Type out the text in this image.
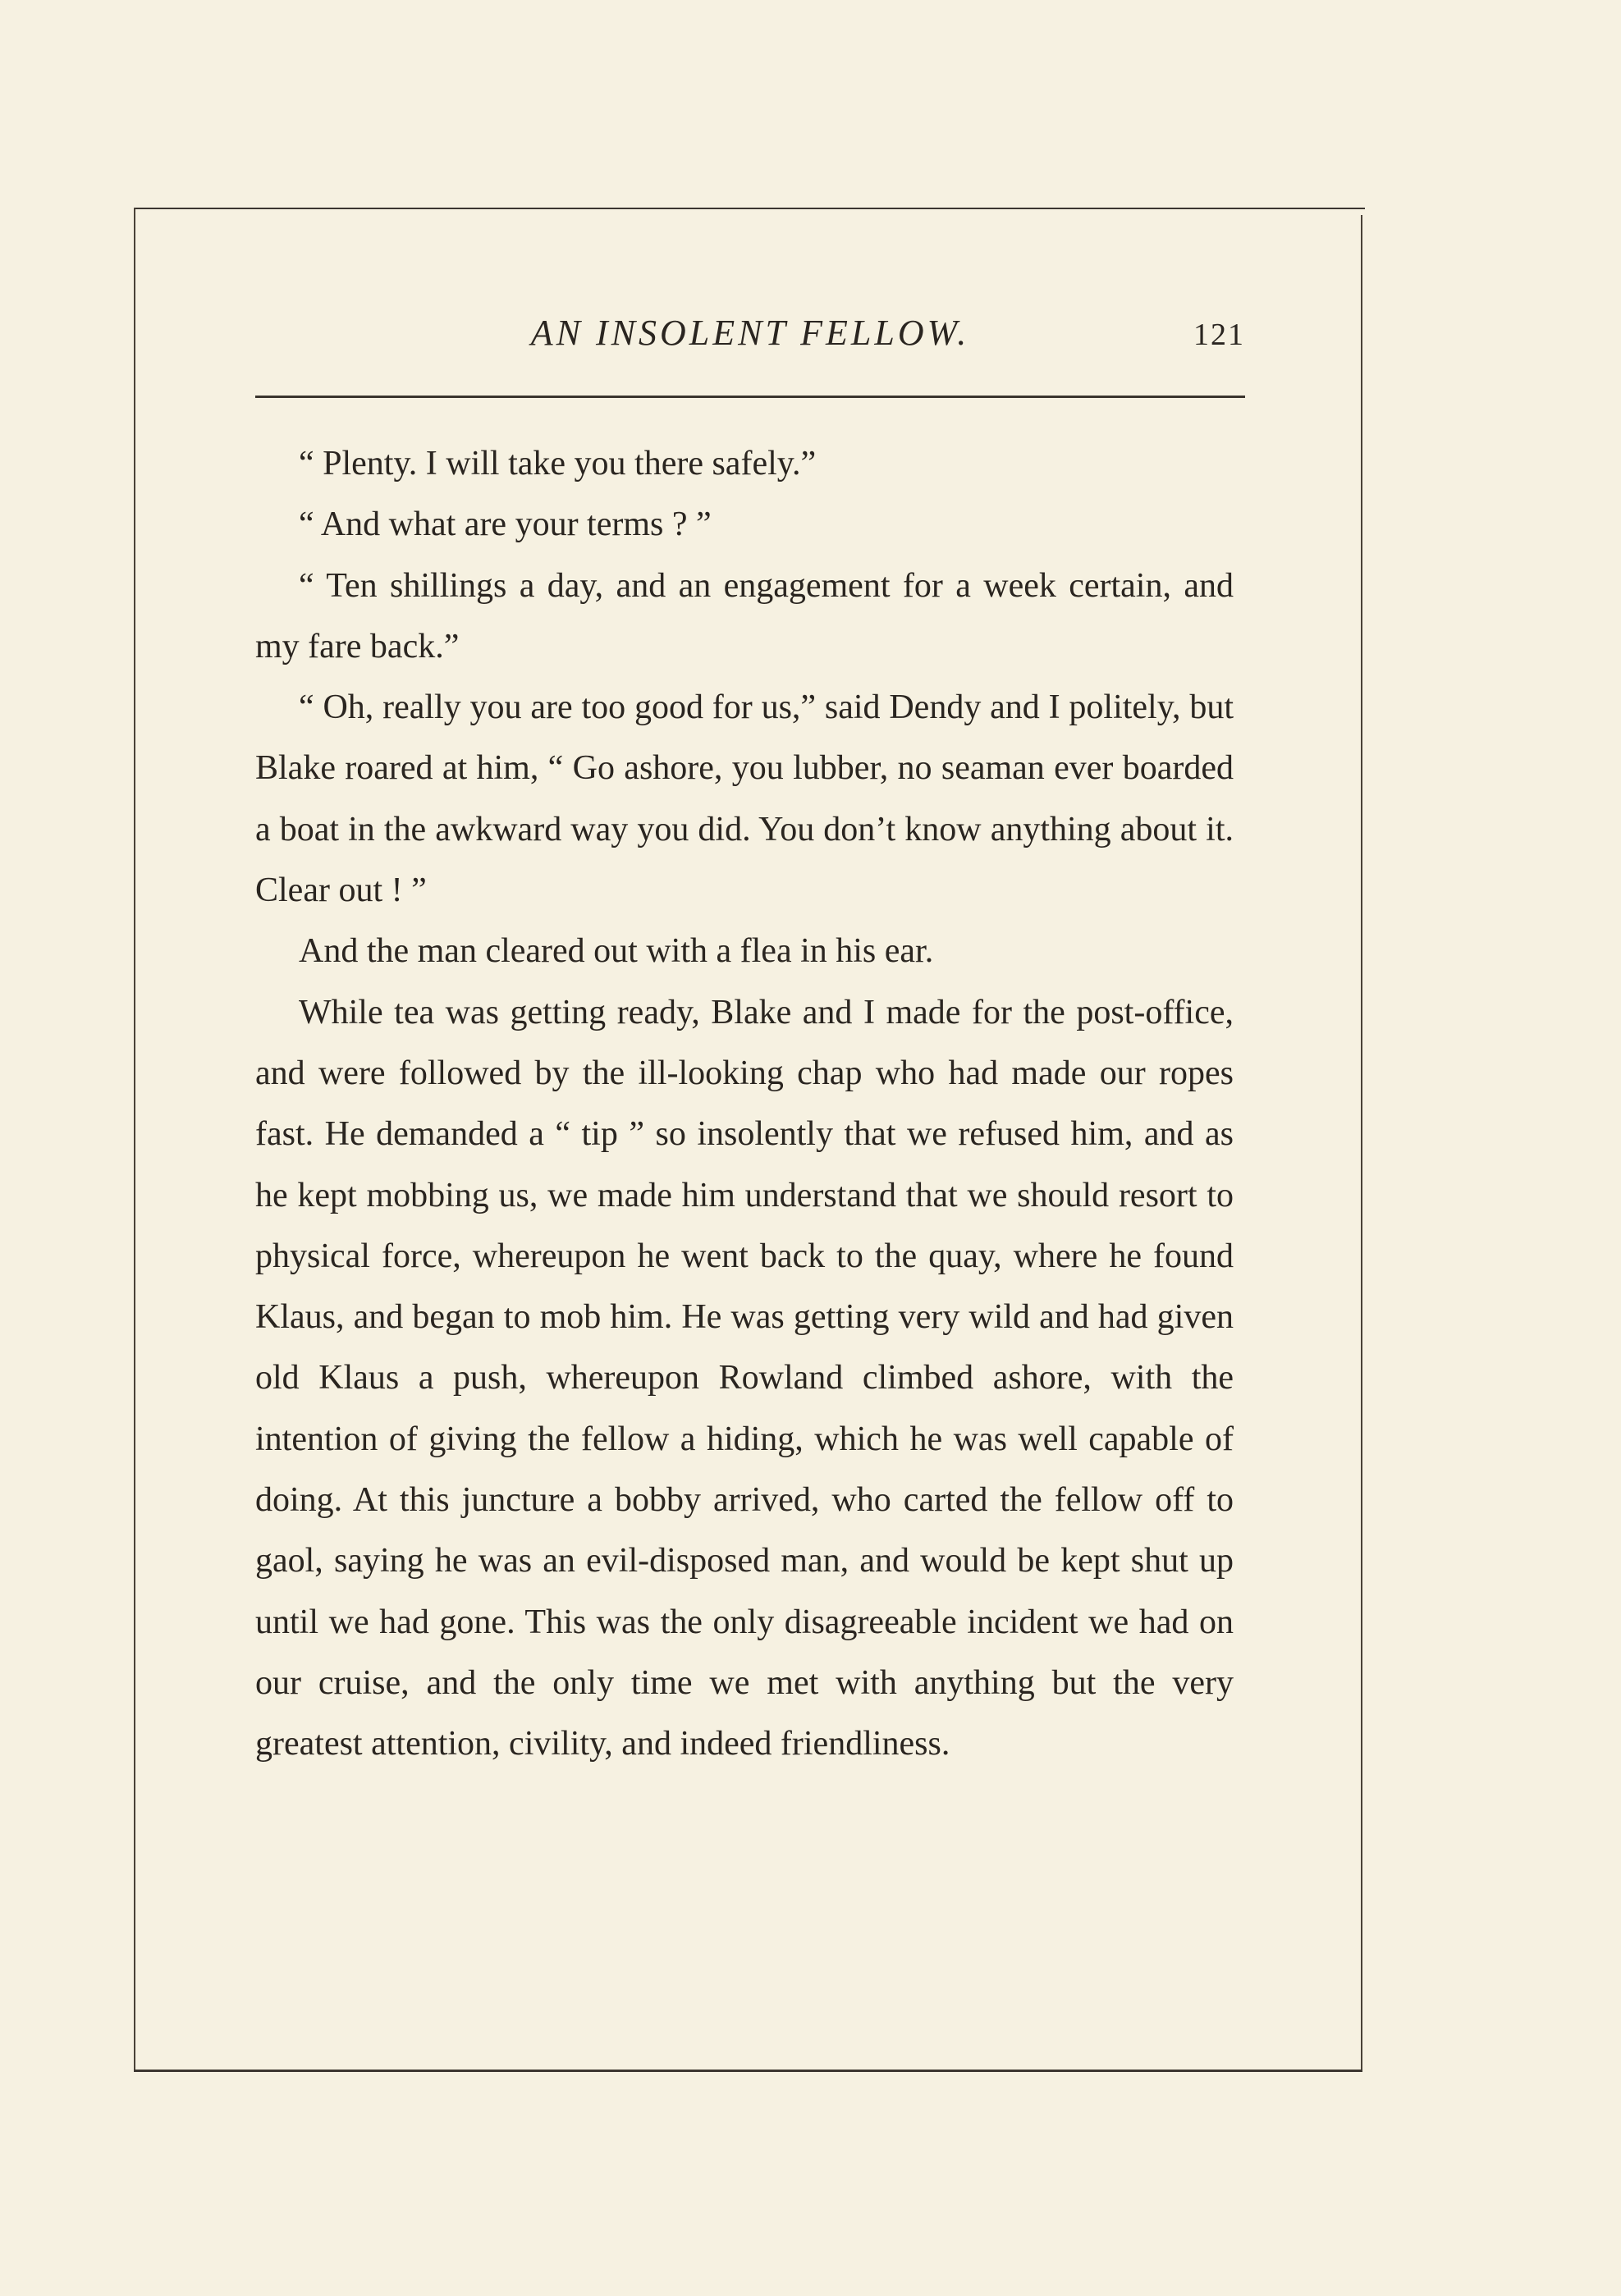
AN INSOLENT FELLOW.	121

“ Plenty. I will take you there safely.”

“ And what are your terms ? ”

“ Ten shillings a day, and an engagement for a week certain, and my fare back.”

“ Oh, really you are too good for us,” said Dendy and I politely, but Blake roared at him, “ Go ashore, you lubber, no seaman ever boarded a boat in the awkward way you did. You don’t know anything about it. Clear out ! ”

And the man cleared out with a flea in his ear.

While tea was getting ready, Blake and I made for the post-office, and were followed by the ill-looking chap who had made our ropes fast. He demanded a “ tip ” so insolently that we refused him, and as he kept mobbing us, we made him understand that we should resort to physical force, whereupon he went back to the quay, where he found Klaus, and began to mob him. He was getting very wild and had given old Klaus a push, whereupon Rowland climbed ashore, with the intention of giving the fellow a hiding, which he was well capable of doing. At this juncture a bobby arrived, who carted the fellow off to gaol, saying he was an evil-disposed man, and would be kept shut up until we had gone. This was the only disagreeable incident we had on our cruise, and the only time we met with anything but the very greatest attention, civility, and indeed friendliness.
